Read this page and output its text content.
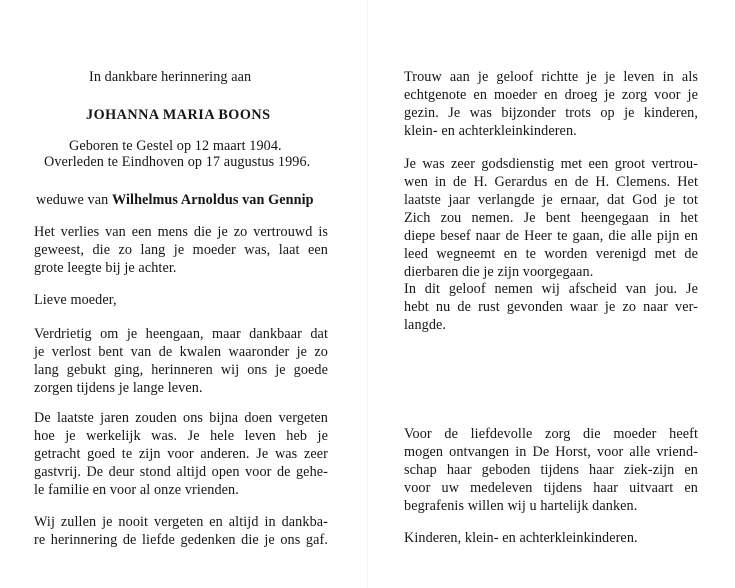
In dankbare herinnering aan
JOHANNA MARIA BOONS
Geboren te Gestel op 12 maart 1904.
Overleden te Eindhoven op 17 augustus 1996.
weduwe van Wilhelmus Arnoldus van Gennip
Het verlies van een mens die je zo vertrouwd is
geweest, die zo lang je moeder was, laat een
grote leegte bij je achter.
Lieve moeder,
Verdrietig om je heengaan, maar dankbaar dat
je verlost bent van de kwalen waaronder je zo
lang gebukt ging, herinneren wij ons je goede
zorgen tijdens je lange leven.
De laatste jaren zouden ons bijna doen vergeten
hoe je werkelijk was. Je hele leven heb je
getracht goed te zijn voor anderen. Je was zeer
gastvrij. De deur stond altijd open voor de gehe-
le familie en voor al onze vrienden.
Wij zullen je nooit vergeten en altijd in dankba-
re herinnering de liefde gedenken die je ons gaf.
Trouw aan je geloof richtte je je leven in als
echtgenote en moeder en droeg je zorg voor je
gezin. Je was bijzonder trots op je kinderen,
klein- en achterkleinkinderen.
Je was zeer godsdienstig met een groot vertrou-
wen in de H. Gerardus en de H. Clemens. Het
laatste jaar verlangde je ernaar, dat God je tot
Zich zou nemen. Je bent heengegaan in het
diepe besef naar de Heer te gaan, die alle pijn en
leed wegneemt en te worden verenigd met de
dierbaren die je zijn voorgegaan.
In dit geloof nemen wij afscheid van jou. Je
hebt nu de rust gevonden waar je zo naar ver-
langde.
Voor de liefdevolle zorg die moeder heeft
mogen ontvangen in De Horst, voor alle vriend-
schap haar geboden tijdens haar ziek-zijn en
voor uw medeleven tijdens haar uitvaart en
begrafenis willen wij u hartelijk danken.
Kinderen, klein- en achterkleinkinderen.
